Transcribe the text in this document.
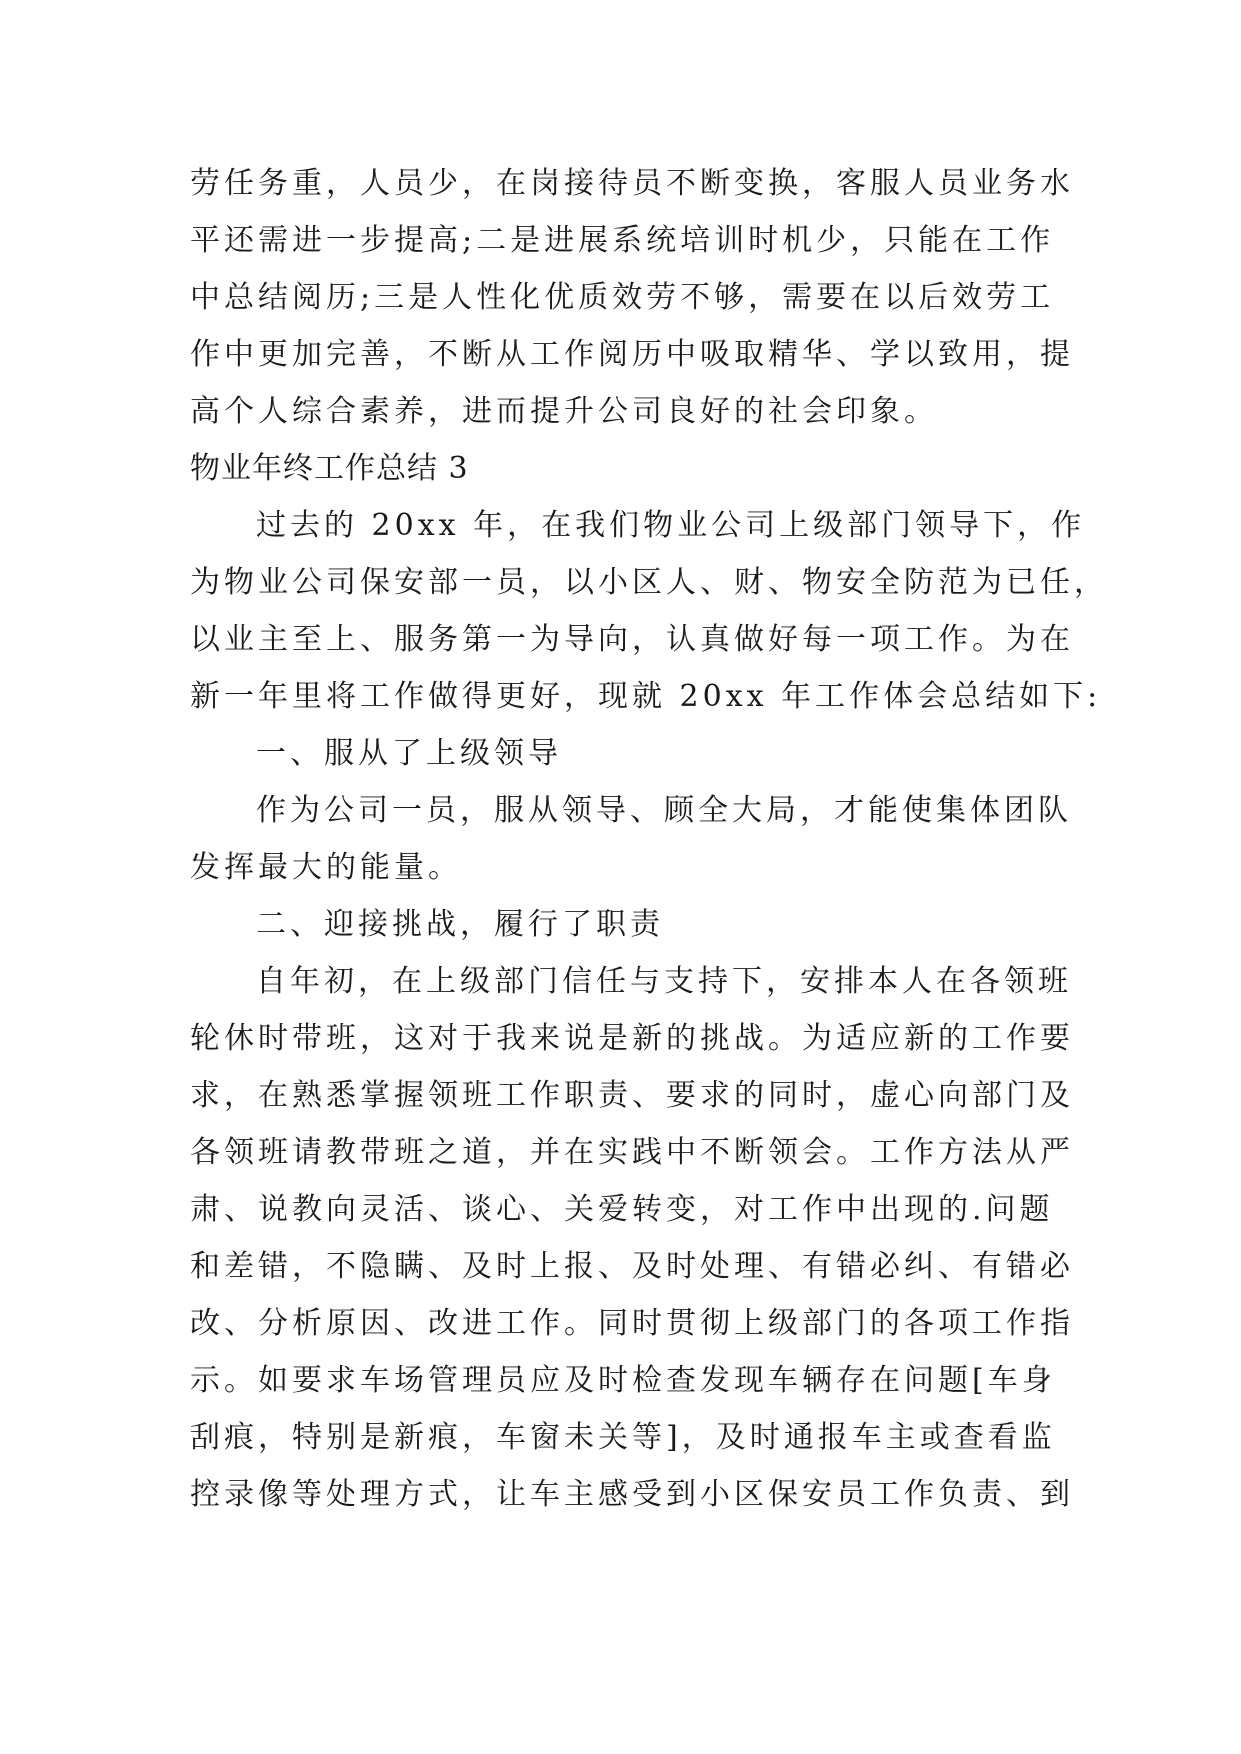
劳任务重，人员少，在岗接待员不断变换，客服人员业务水
平还需进一步提高;二是进展系统培训时机少，只能在工作
中总结阅历;三是人性化优质效劳不够，需要在以后效劳工
作中更加完善，不断从工作阅历中吸取精华、学以致用，提
高个人综合素养，进而提升公司良好的社会印象。
物业年终工作总结 3
过去的 20xx 年，在我们物业公司上级部门领导下，作
为物业公司保安部一员，以小区人、财、物安全防范为已任，
以业主至上、服务第一为导向，认真做好每一项工作。为在
新一年里将工作做得更好，现就 20xx 年工作体会总结如下:
一、服从了上级领导
作为公司一员，服从领导、顾全大局，才能使集体团队
发挥最大的能量。
二、迎接挑战，履行了职责
自年初，在上级部门信任与支持下，安排本人在各领班
轮休时带班，这对于我来说是新的挑战。为适应新的工作要
求，在熟悉掌握领班工作职责、要求的同时，虚心向部门及
各领班请教带班之道，并在实践中不断领会。工作方法从严
肃、说教向灵活、谈心、关爱转变，对工作中出现的.问题
和差错，不隐瞒、及时上报、及时处理、有错必纠、有错必
改、分析原因、改进工作。同时贯彻上级部门的各项工作指
示。如要求车场管理员应及时检查发现车辆存在问题[车身
刮痕，特别是新痕，车窗未关等]，及时通报车主或查看监
控录像等处理方式，让车主感受到小区保安员工作负责、到
